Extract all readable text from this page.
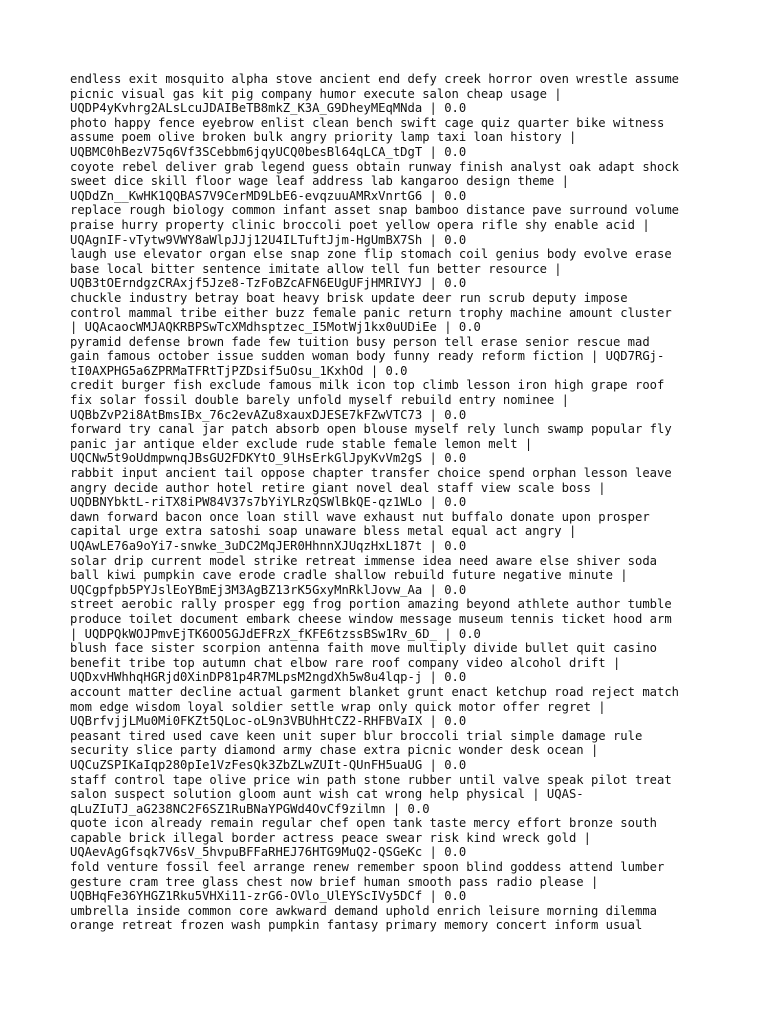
endless exit mosquito alpha stove ancient end defy creek horror oven wrestle assume
picnic visual gas kit pig company humor execute salon cheap usage |
UQDP4yKvhrg2ALsLcuJDAIBeTB8mkZ_K3A_G9DheyMEqMNda | 0.0
photo happy fence eyebrow enlist clean bench swift cage quiz quarter bike witness
assume poem olive broken bulk angry priority lamp taxi loan history |
UQBMC0hBezV75q6Vf3SCebbm6jqyUCQ0besBl64qLCA_tDgT | 0.0
coyote rebel deliver grab legend guess obtain runway finish analyst oak adapt shock
sweet dice skill floor wage leaf address lab kangaroo design theme |
UQDdZn__KwHK1QQBAS7V9CerMD9LbE6-evqzuuAMRxVnrtG6 | 0.0
replace rough biology common infant asset snap bamboo distance pave surround volume
praise hurry property clinic broccoli poet yellow opera rifle shy enable acid |
UQAgnIF-vTytw9VWY8aWlpJJj12U4ILTuftJjm-HgUmBX7Sh | 0.0
laugh use elevator organ else snap zone flip stomach coil genius body evolve erase
base local bitter sentence imitate allow tell fun better resource |
UQB3tOErndgzCRAxjf5Jze8-TzFoBZcAFN6EUgUFjHMRIVYJ | 0.0
chuckle industry betray boat heavy brisk update deer run scrub deputy impose
control mammal tribe either buzz female panic return trophy machine amount cluster
| UQAcaocWMJAQKRBPSwTcXMdhsptzec_I5MotWj1kx0uUDiEe | 0.0
pyramid defense brown fade few tuition busy person tell erase senior rescue mad
gain famous october issue sudden woman body funny ready reform fiction | UQD7RGj-
tI0AXPHG5a6ZPRMaTFRtTjPZDsif5uOsu_1KxhOd | 0.0
credit burger fish exclude famous milk icon top climb lesson iron high grape roof
fix solar fossil double barely unfold myself rebuild entry nominee |
UQBbZvP2i8AtBmsIBx_76c2evAZu8xauxDJESE7kFZwVTC73 | 0.0
forward try canal jar patch absorb open blouse myself rely lunch swamp popular fly
panic jar antique elder exclude rude stable female lemon melt |
UQCNw5t9oUdmpwnqJBsGU2FDKYtO_9lHsErkGlJpyKvVm2gS | 0.0
rabbit input ancient tail oppose chapter transfer choice spend orphan lesson leave
angry decide author hotel retire giant novel deal staff view scale boss |
UQDBNYbktL-riTX8iPW84V37s7bYiYLRzQSWlBkQE-qz1WLo | 0.0
dawn forward bacon once loan still wave exhaust nut buffalo donate upon prosper
capital urge extra satoshi soap unaware bless metal equal act angry |
UQAwLE76a9oYi7-snwke_3uDC2MqJER0HhnnXJUqzHxL187t | 0.0
solar drip current model strike retreat immense idea need aware else shiver soda
ball kiwi pumpkin cave erode cradle shallow rebuild future negative minute |
UQCgpfpb5PYJslEoYBmEj3M3AgBZ13rK5GxyMnRklJovw_Aa | 0.0
street aerobic rally prosper egg frog portion amazing beyond athlete author tumble
produce toilet document embark cheese window message museum tennis ticket hood arm
| UQDPQkWOJPmvEjTK6OO5GJdEFRzX_fKFE6tzssBSw1Rv_6D_ | 0.0
blush face sister scorpion antenna faith move multiply divide bullet quit casino
benefit tribe top autumn chat elbow rare roof company video alcohol drift |
UQDxvHWhhqHGRjd0XinDP81p4R7MLpsM2ngdXh5w8u4lqp-j | 0.0
account matter decline actual garment blanket grunt enact ketchup road reject match
mom edge wisdom loyal soldier settle wrap only quick motor offer regret |
UQBrfvjjLMu0Mi0FKZt5QLoc-oL9n3VBUhHtCZ2-RHFBVaIX | 0.0
peasant tired used cave keen unit super blur broccoli trial simple damage rule
security slice party diamond army chase extra picnic wonder desk ocean |
UQCuZSPIKaIqp280pIe1VzFesQk3ZbZLwZUIt-QUnFH5uaUG | 0.0
staff control tape olive price win path stone rubber until valve speak pilot treat
salon suspect solution gloom aunt wish cat wrong help physical | UQAS-
qLuZIuTJ_aG238NC2F6SZ1RuBNaYPGWd4OvCf9zilmn | 0.0
quote icon already remain regular chef open tank taste mercy effort bronze south
capable brick illegal border actress peace swear risk kind wreck gold |
UQAevAgGfsqk7V6sV_5hvpuBFFaRHEJ76HTG9MuQ2-QSGeKc | 0.0
fold venture fossil feel arrange renew remember spoon blind goddess attend lumber
gesture cram tree glass chest now brief human smooth pass radio please |
UQBHqFe36YHGZ1Rku5VHXi11-zrG6-OVlo_UlEYScIVy5DCf | 0.0
umbrella inside common core awkward demand uphold enrich leisure morning dilemma
orange retreat frozen wash pumpkin fantasy primary memory concert inform usual
